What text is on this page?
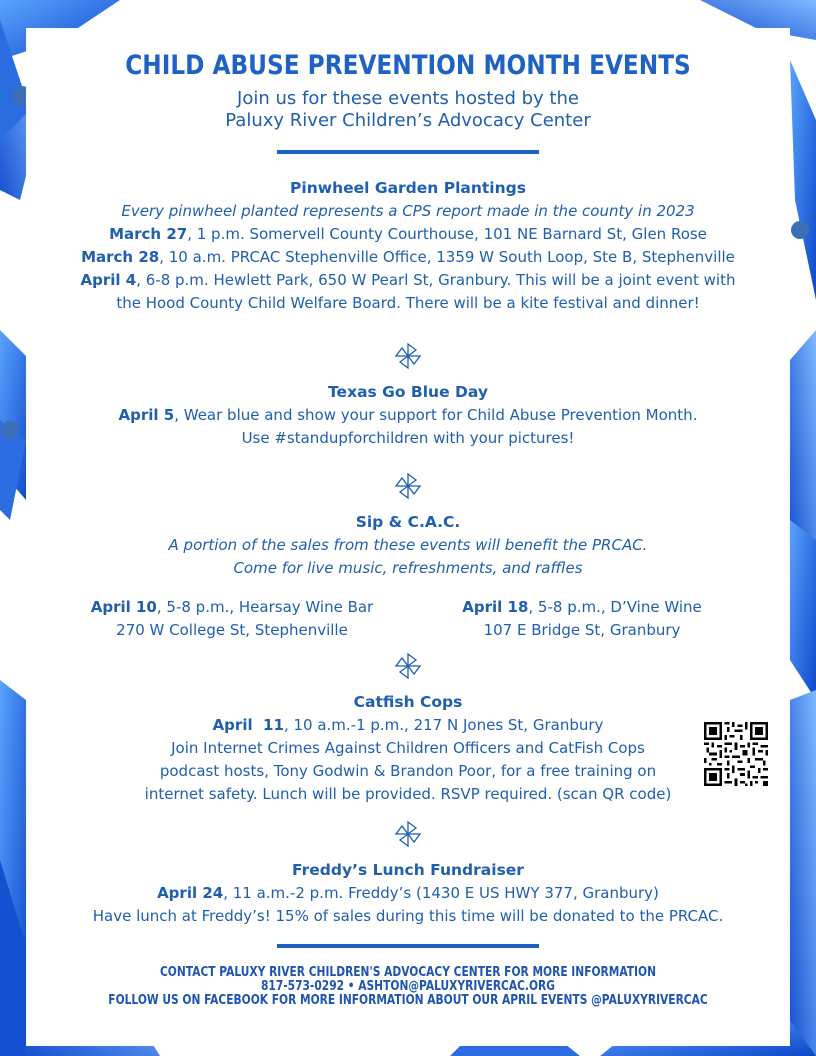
CHILD ABUSE PREVENTION MONTH EVENTS
Join us for these events hosted by the
Paluxy River Children’s Advocacy Center
Pinwheel Garden Plantings
Every pinwheel planted represents a CPS report made in the county in 2023
March 27, 1 p.m. Somervell County Courthouse, 101 NE Barnard St, Glen Rose
March 28, 10 a.m. PRCAC Stephenville Office, 1359 W South Loop, Ste B, Stephenville
April 4, 6-8 p.m. Hewlett Park, 650 W Pearl St, Granbury. This will be a joint event with
the Hood County Child Welfare Board. There will be a kite festival and dinner!
Texas Go Blue Day
April 5, Wear blue and show your support for Child Abuse Prevention Month.
Use #standupforchildren with your pictures!
Sip & C.A.C.
A portion of the sales from these events will benefit the PRCAC.
Come for live music, refreshments, and raffles
April 10, 5-8 p.m., Hearsay Wine Bar
270 W College St, Stephenville
April 18, 5-8 p.m., D’Vine Wine
107 E Bridge St, Granbury
Catfish Cops
April  11, 10 a.m.-1 p.m., 217 N Jones St, Granbury
Join Internet Crimes Against Children Officers and CatFish Cops
podcast hosts, Tony Godwin & Brandon Poor, for a free training on
internet safety. Lunch will be provided. RSVP required. (scan QR code)
Freddy’s Lunch Fundraiser
April 24, 11 a.m.-2 p.m. Freddy’s (1430 E US HWY 377, Granbury)
Have lunch at Freddy’s! 15% of sales during this time will be donated to the PRCAC.
CONTACT PALUXY RIVER CHILDREN'S ADVOCACY CENTER FOR MORE INFORMATION
817-573-0292 • ASHTON@PALUXYRIVERCAC.ORG
FOLLOW US ON FACEBOOK FOR MORE INFORMATION ABOUT OUR APRIL EVENTS @PALUXYRIVERCAC
